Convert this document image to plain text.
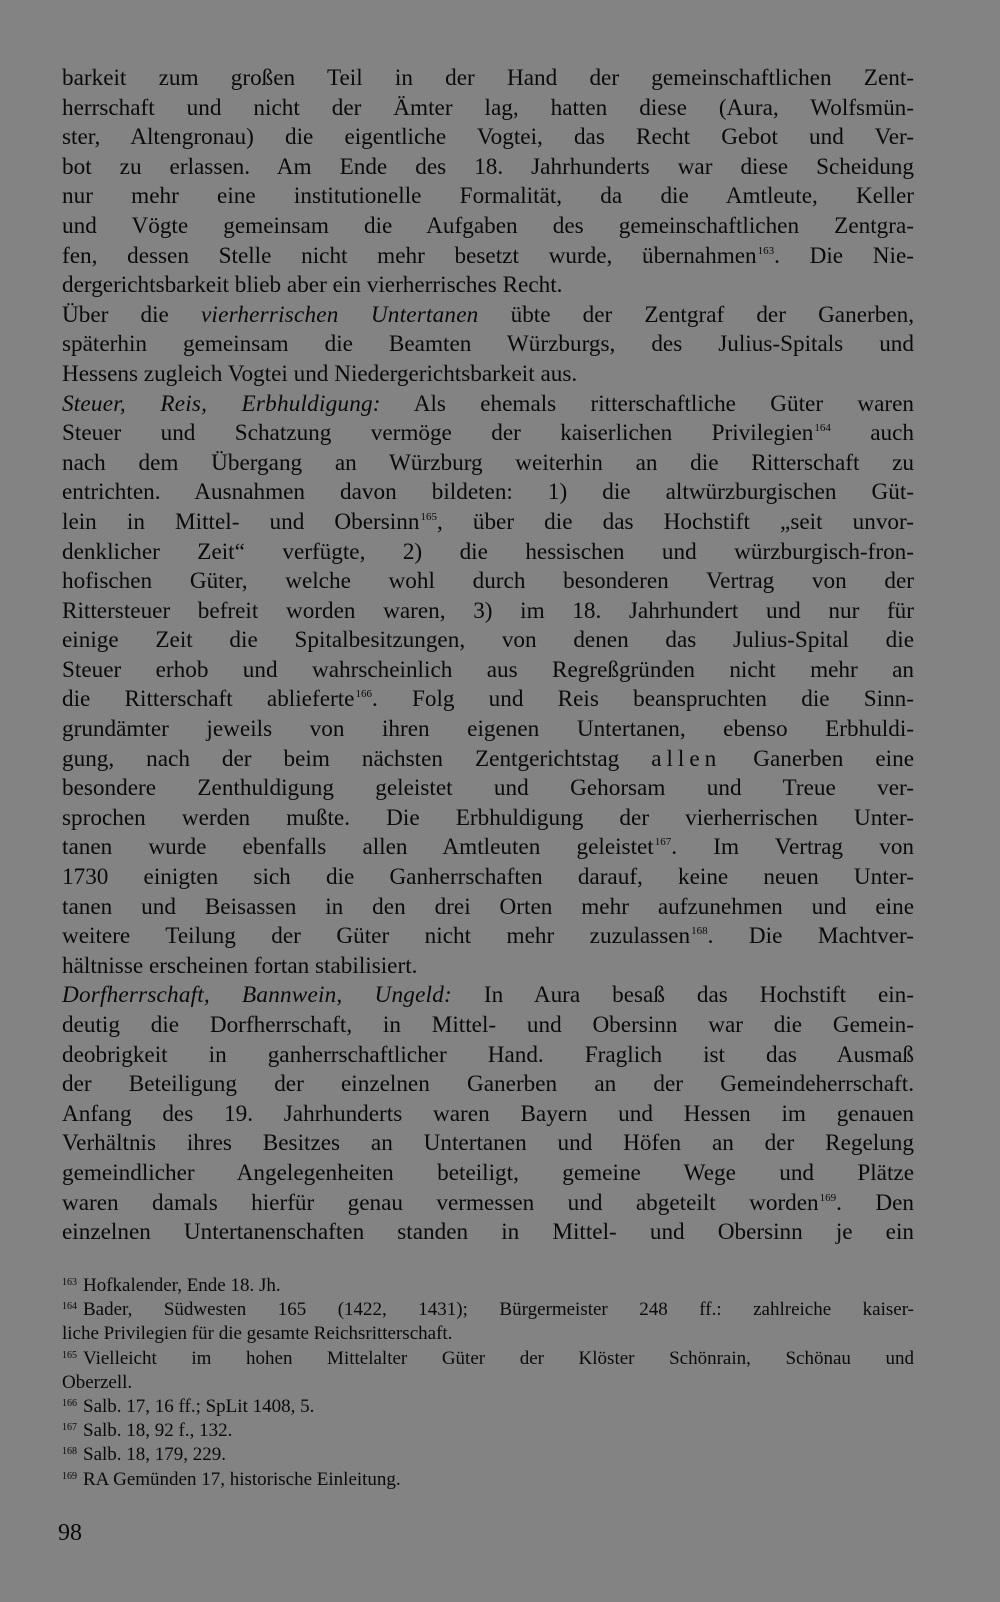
barkeit zum großen Teil in der Hand der gemeinschaftlichen Zent-
herrschaft und nicht der Ämter lag, hatten diese (Aura, Wolfsmün-
ster, Altengronau) die eigentliche Vogtei, das Recht Gebot und Ver-
bot zu erlassen. Am Ende des 18. Jahrhunderts war diese Scheidung
nur mehr eine institutionelle Formalität, da die Amtleute, Keller
und Vögte gemeinsam die Aufgaben des gemeinschaftlichen Zentgra-
fen, dessen Stelle nicht mehr besetzt wurde, übernahmen$^{163}$. Die Nie-
dergerichtsbarkeit blieb aber ein vierherrisches Recht.
Über die vierherrischen Untertanen übte der Zentgraf der Ganerben,
späterhin gemeinsam die Beamten Würzburgs, des Julius-Spitals und
Hessens zugleich Vogtei und Niedergerichtsbarkeit aus.
Steuer, Reis, Erbhuldigung: Als ehemals ritterschaftliche Güter waren
Steuer und Schatzung vermöge der kaiserlichen Privilegien$^{164}$ auch
nach dem Übergang an Würzburg weiterhin an die Ritterschaft zu
entrichten. Ausnahmen davon bildeten: 1) die altwürzburgischen Güt-
lein in Mittel- und Obersinn$^{165}$, über die das Hochstift „seit unvor-
denklicher Zeit“ verfügte, 2) die hessischen und würzburgisch-fron-
hofischen Güter, welche wohl durch besonderen Vertrag von der
Rittersteuer befreit worden waren, 3) im 18. Jahrhundert und nur für
einige Zeit die Spitalbesitzungen, von denen das Julius-Spital die
Steuer erhob und wahrscheinlich aus Regreßgründen nicht mehr an
die Ritterschaft ablieferte$^{166}$. Folg und Reis beanspruchten die Sinn-
grundämter jeweils von ihren eigenen Untertanen, ebenso Erbhuldi-
gung, nach der beim nächsten Zentgerichtstag allen Ganerben eine
besondere Zenthuldigung geleistet und Gehorsam und Treue ver-
sprochen werden mußte. Die Erbhuldigung der vierherrischen Unter-
tanen wurde ebenfalls allen Amtleuten geleistet$^{167}$. Im Vertrag von
1730 einigten sich die Ganherrschaften darauf, keine neuen Unter-
tanen und Beisassen in den drei Orten mehr aufzunehmen und eine
weitere Teilung der Güter nicht mehr zuzulassen$^{168}$. Die Machtver-
hältnisse erscheinen fortan stabilisiert.
Dorfherrschaft, Bannwein, Ungeld: In Aura besaß das Hochstift ein-
deutig die Dorfherrschaft, in Mittel- und Obersinn war die Gemein-
deobrigkeit in ganherrschaftlicher Hand. Fraglich ist das Ausmaß
der Beteiligung der einzelnen Ganerben an der Gemeindeherrschaft.
Anfang des 19. Jahrhunderts waren Bayern und Hessen im genauen
Verhältnis ihres Besitzes an Untertanen und Höfen an der Regelung
gemeindlicher Angelegenheiten beteiligt, gemeine Wege und Plätze
waren damals hierfür genau vermessen und abgeteilt worden$^{169}$. Den
einzelnen Untertanenschaften standen in Mittel- und Obersinn je ein
$^{163}$ Hofkalender, Ende 18. Jh.
$^{164}$ Bader, Südwesten 165 (1422, 1431); Bürgermeister 248 ff.: zahlreiche kaiser-
liche Privilegien für die gesamte Reichsritterschaft.
$^{165}$ Vielleicht im hohen Mittelalter Güter der Klöster Schönrain, Schönau und
Oberzell.
$^{166}$ Salb. 17, 16 ff.; SpLit 1408, 5.
$^{167}$ Salb. 18, 92 f., 132.
$^{168}$ Salb. 18, 179, 229.
$^{169}$ RA Gemünden 17, historische Einleitung.
98
